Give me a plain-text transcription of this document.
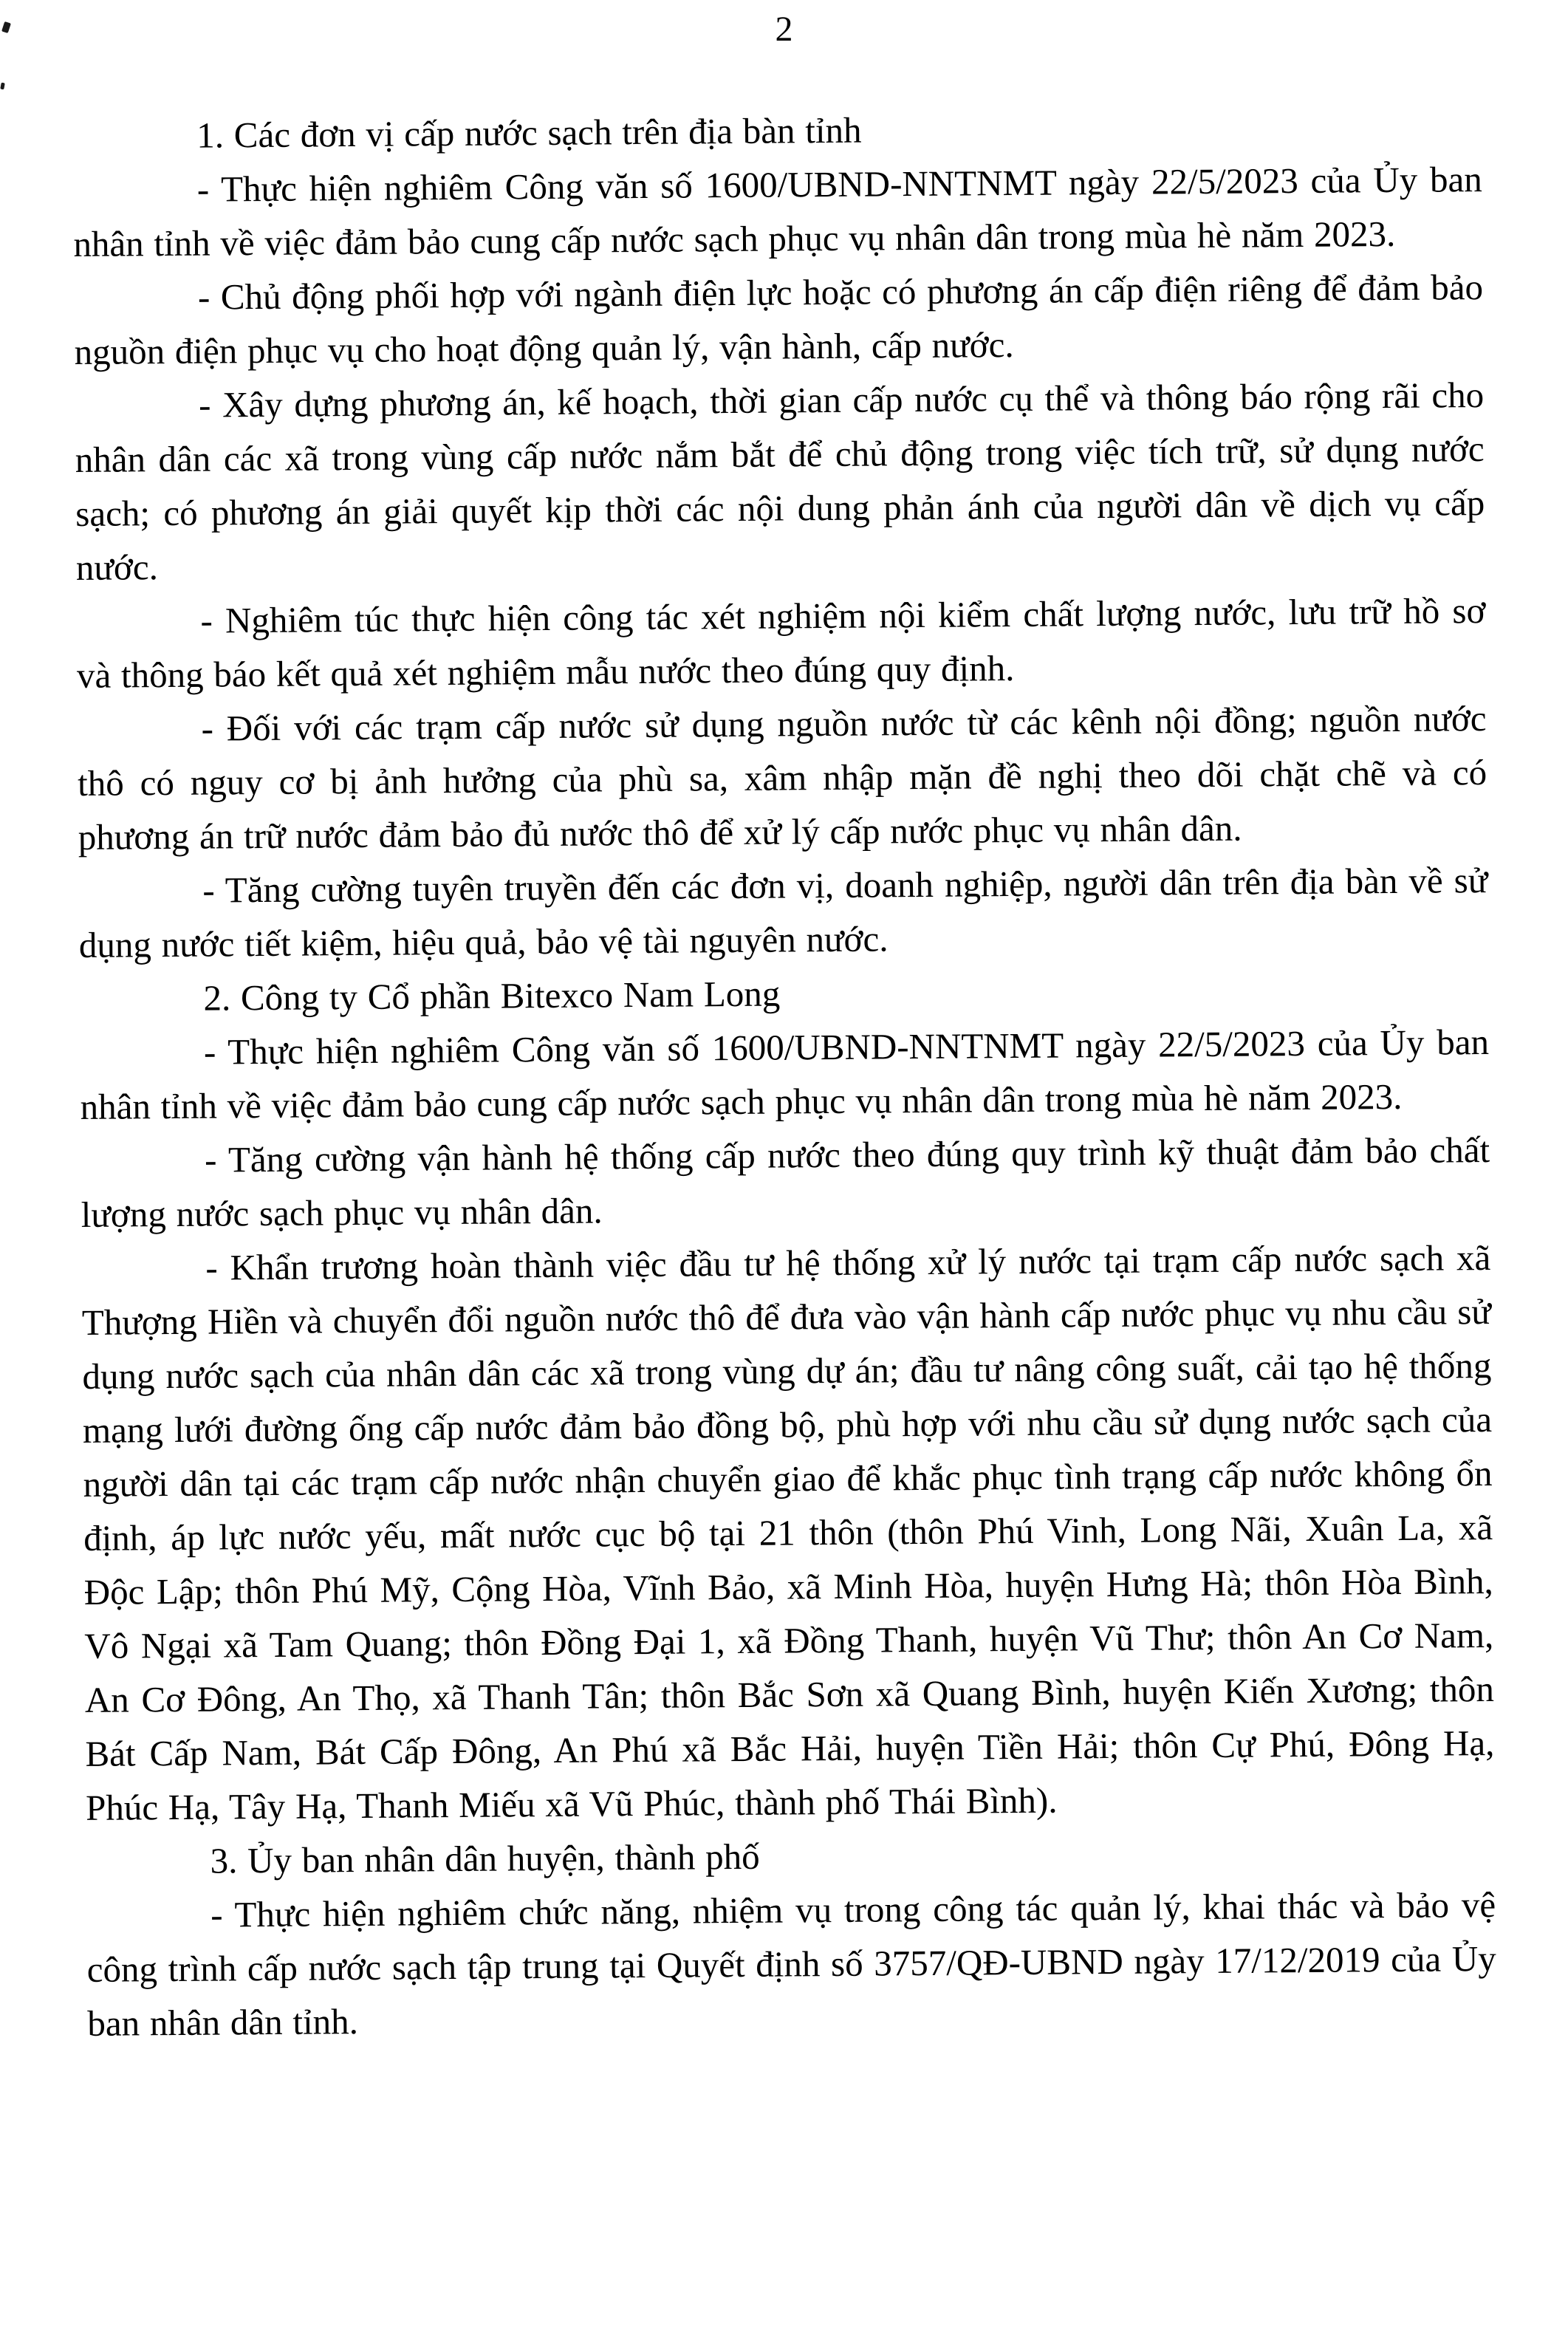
2

1. Các đơn vị cấp nước sạch trên địa bàn tỉnh

- Thực hiện nghiêm Công văn số 1600/UBND-NNTNMT ngày 22/5/2023 của Ủy ban nhân tỉnh về việc đảm bảo cung cấp nước sạch phục vụ nhân dân trong mùa hè năm 2023.

- Chủ động phối hợp với ngành điện lực hoặc có phương án cấp điện riêng để đảm bảo nguồn điện phục vụ cho hoạt động quản lý, vận hành, cấp nước.

- Xây dựng phương án, kế hoạch, thời gian cấp nước cụ thể và thông báo rộng rãi cho nhân dân các xã trong vùng cấp nước nắm bắt để chủ động trong việc tích trữ, sử dụng nước sạch; có phương án giải quyết kịp thời các nội dung phản ánh của người dân về dịch vụ cấp nước.

- Nghiêm túc thực hiện công tác xét nghiệm nội kiểm chất lượng nước, lưu trữ hồ sơ và thông báo kết quả xét nghiệm mẫu nước theo đúng quy định.

- Đối với các trạm cấp nước sử dụng nguồn nước từ các kênh nội đồng; nguồn nước thô có nguy cơ bị ảnh hưởng của phù sa, xâm nhập mặn đề nghị theo dõi chặt chẽ và có phương án trữ nước đảm bảo đủ nước thô để xử lý cấp nước phục vụ nhân dân.

- Tăng cường tuyên truyền đến các đơn vị, doanh nghiệp, người dân trên địa bàn về sử dụng nước tiết kiệm, hiệu quả, bảo vệ tài nguyên nước.

2. Công ty Cổ phần Bitexco Nam Long

- Thực hiện nghiêm Công văn số 1600/UBND-NNTNMT ngày 22/5/2023 của Ủy ban nhân tỉnh về việc đảm bảo cung cấp nước sạch phục vụ nhân dân trong mùa hè năm 2023.

- Tăng cường vận hành hệ thống cấp nước theo đúng quy trình kỹ thuật đảm bảo chất lượng nước sạch phục vụ nhân dân.

- Khẩn trương hoàn thành việc đầu tư hệ thống xử lý nước tại trạm cấp nước sạch xã Thượng Hiền và chuyển đổi nguồn nước thô để đưa vào vận hành cấp nước phục vụ nhu cầu sử dụng nước sạch của nhân dân các xã trong vùng dự án; đầu tư nâng công suất, cải tạo hệ thống mạng lưới đường ống cấp nước đảm bảo đồng bộ, phù hợp với nhu cầu sử dụng nước sạch của người dân tại các trạm cấp nước nhận chuyển giao để khắc phục tình trạng cấp nước không ổn định, áp lực nước yếu, mất nước cục bộ tại 21 thôn (thôn Phú Vinh, Long Nãi, Xuân La, xã Độc Lập; thôn Phú Mỹ, Cộng Hòa, Vĩnh Bảo, xã Minh Hòa, huyện Hưng Hà; thôn Hòa Bình, Vô Ngại xã Tam Quang; thôn Đồng Đại 1, xã Đồng Thanh, huyện Vũ Thư; thôn An Cơ Nam, An Cơ Đông, An Thọ, xã Thanh Tân; thôn Bắc Sơn xã Quang Bình, huyện Kiến Xương; thôn Bát Cấp Nam, Bát Cấp Đông, An Phú xã Bắc Hải, huyện Tiền Hải; thôn Cự Phú, Đông Hạ, Phúc Hạ, Tây Hạ, Thanh Miếu xã Vũ Phúc, thành phố Thái Bình).

3. Ủy ban nhân dân huyện, thành phố

- Thực hiện nghiêm chức năng, nhiệm vụ trong công tác quản lý, khai thác và bảo vệ công trình cấp nước sạch tập trung tại Quyết định số 3757/QĐ-UBND ngày 17/12/2019 của Ủy ban nhân dân tỉnh.
